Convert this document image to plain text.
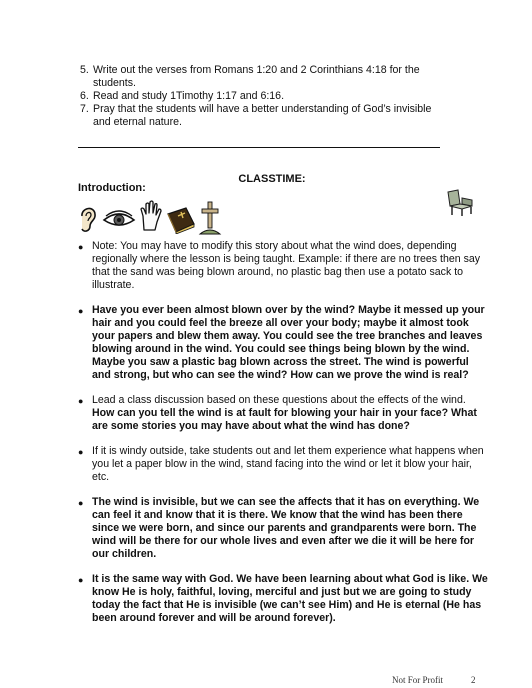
5. Write out the verses from Romans 1:20 and 2 Corinthians 4:18 for the students.
6. Read and study 1Timothy 1:17 and 6:16.
7. Pray that the students will have a better understanding of God’s invisible and eternal nature.
CLASSTIME:
Introduction:
● Note: You may have to modify this story about what the wind does, depending regionally where the lesson is being taught. Example: if there are no trees then say that the sand was being blown around, no plastic bag then use a potato sack to illustrate.
● Have you ever been almost blown over by the wind? Maybe it messed up your hair and you could feel the breeze all over your body; maybe it almost took your papers and blew them away. You could see the tree branches and leaves blowing around in the wind. You could see things being blown by the wind. Maybe you saw a plastic bag blown across the street. The wind is powerful and strong, but who can see the wind? How can we prove the wind is real?
● Lead a class discussion based on these questions about the effects of the wind. How can you tell the wind is at fault for blowing your hair in your face? What are some stories you may have about what the wind has done?
● If it is windy outside, take students out and let them experience what happens when you let a paper blow in the wind, stand facing into the wind or let it blow your hair, etc.
● The wind is invisible, but we can see the affects that it has on everything. We can feel it and know that it is there. We know that the wind has been there since we were born, and since our parents and grandparents were born. The wind will be there for our whole lives and even after we die it will be here for our children.
● It is the same way with God. We have been learning about what God is like. We know He is holy, faithful, loving, merciful and just but we are going to study today the fact that He is invisible (we can’t see Him) and He is eternal (He has been around forever and will be around forever).
Not For Profit	2
